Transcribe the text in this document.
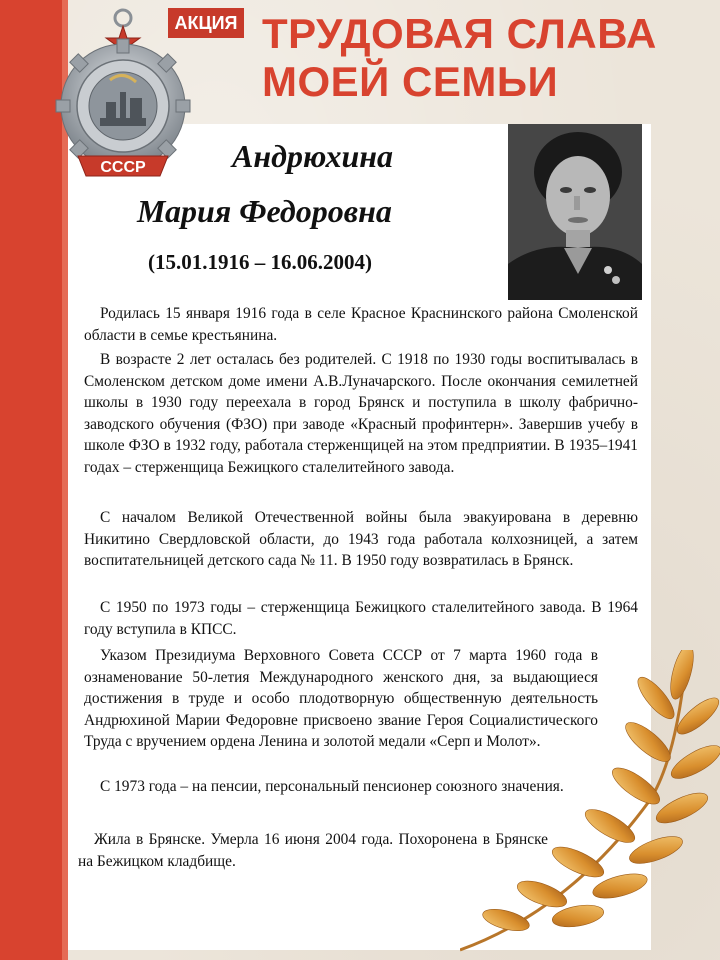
ТРУДОВАЯ СЛАВА
МОЕЙ СЕМЬИ
СССР
АКЦИЯ
Андрюхина
Мария Федоровна
(15.01.1916 – 16.06.2004)

Родилась 15 января 1916 года в селе Красное Краснинского района Смоленской области в семье крестьянина.

В возрасте 2 лет осталась без родителей. С 1918 по 1930 годы воспитывалась в Смоленском детском доме имени А.В.Луначарского. После окончания семилетней школы в 1930 году переехала в город Брянск и поступила в школу фабрично-заводского обучения (ФЗО) при заводе «Красный профинтерн». Завершив учебу в школе ФЗО в 1932 году, работала стерженщицей на этом предприятии. В 1935–1941 годах – стерженщица Бежицкого сталелитейного завода.

С началом Великой Отечественной войны была эвакуирована в деревню Никитино Свердловской области, до 1943 года работала колхозницей, а затем воспитательницей детского сада № 11. В 1950 году возвратилась в Брянск.

С 1950 по 1973 годы – стерженщица Бежицкого сталелитейного завода. В 1964 году вступила в КПСС.

Указом Президиума Верховного Совета СССР от 7 марта 1960 года в ознаменование 50-летия Международного женского дня, за выдающиеся достижения в труде и особо плодотворную общественную деятельность Андрюхиной Марии Федоровне присвоено звание Героя Социалистического Труда с вручением ордена Ленина и золотой медали «Серп и Молот».

С 1973 года – на пенсии, персональный пенсионер союзного значения.

Жила в Брянске. Умерла 16 июня 2004 года. Похоронена в Брянске на Бежицком кладбище.
